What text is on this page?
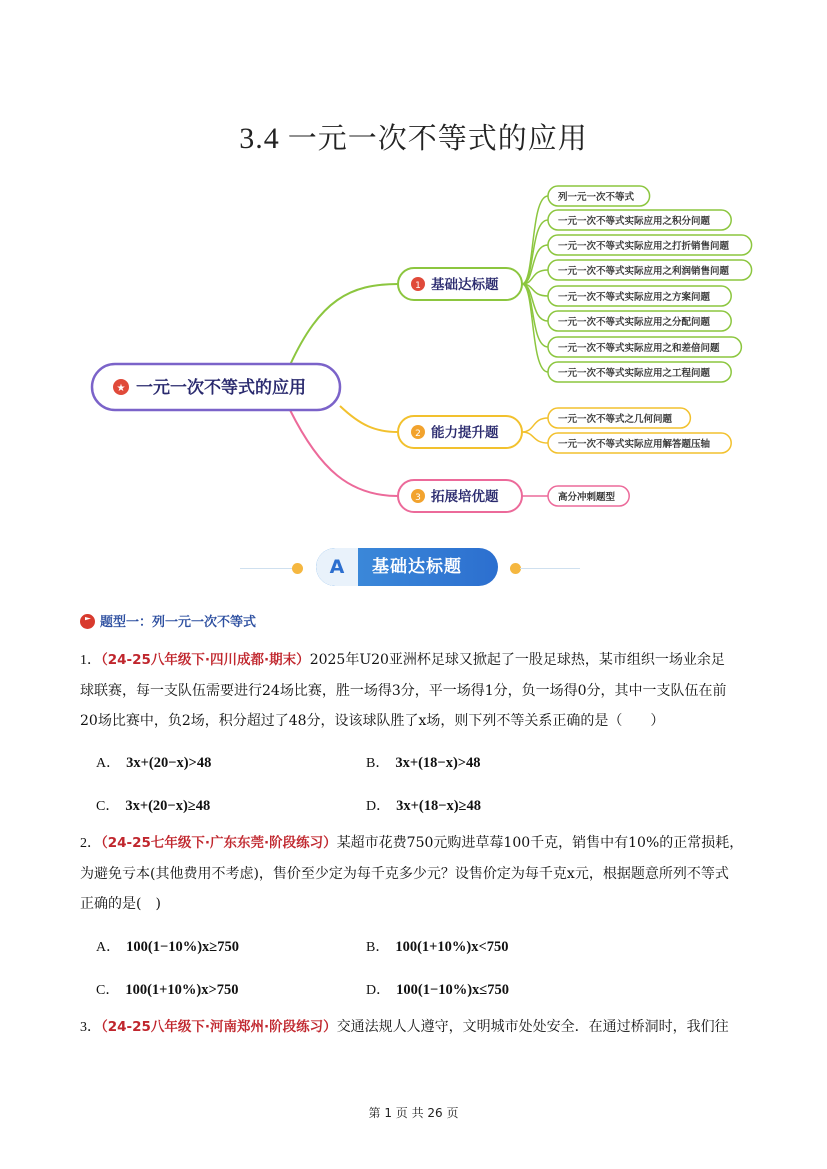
3.4 一元一次不等式的应用
★ 一元一次不等式的应用
1 基础达标题
2 能力提升题
3 拓展培优题
列一元一次不等式
一元一次不等式实际应用之积分问题
一元一次不等式实际应用之打折销售问题
一元一次不等式实际应用之利润销售问题
一元一次不等式实际应用之方案问题
一元一次不等式实际应用之分配问题
一元一次不等式实际应用之和差倍问题
一元一次不等式实际应用之工程问题
一元一次不等式之几何问题
一元一次不等式实际应用解答题压轴
高分冲刺题型
A	基础达标题
题型一：列一元一次不等式
1．（24-25八年级下·四川成都·期末）2025年U20亚洲杯足球又掀起了一股足球热，某市组织一场业余足
球联赛，每一支队伍需要进行24场比赛，胜一场得3分，平一场得1分，负一场得0分，其中一支队伍在前
20场比赛中，负2场，积分超过了48分，设该球队胜了x场，则下列不等关系正确的是（　　）
A． 3x+(20−x)>48	B． 3x+(18−x)>48
C． 3x+(20−x)≥48	D． 3x+(18−x)≥48
2．（24-25七年级下·广东东莞·阶段练习）某超市花费750元购进草莓100千克，销售中有10%的正常损耗，
为避免亏本(其他费用不考虑)，售价至少定为每千克多少元？设售价定为每千克x元，根据题意所列不等式
正确的是(　)
A． 100(1−10%)x≥750	B． 100(1+10%)x<750
C． 100(1+10%)x>750	D． 100(1−10%)x≤750
3．（24-25八年级下·河南郑州·阶段练习）交通法规人人遵守，文明城市处处安全．在通过桥洞时，我们往
第 1 页 共 26 页
